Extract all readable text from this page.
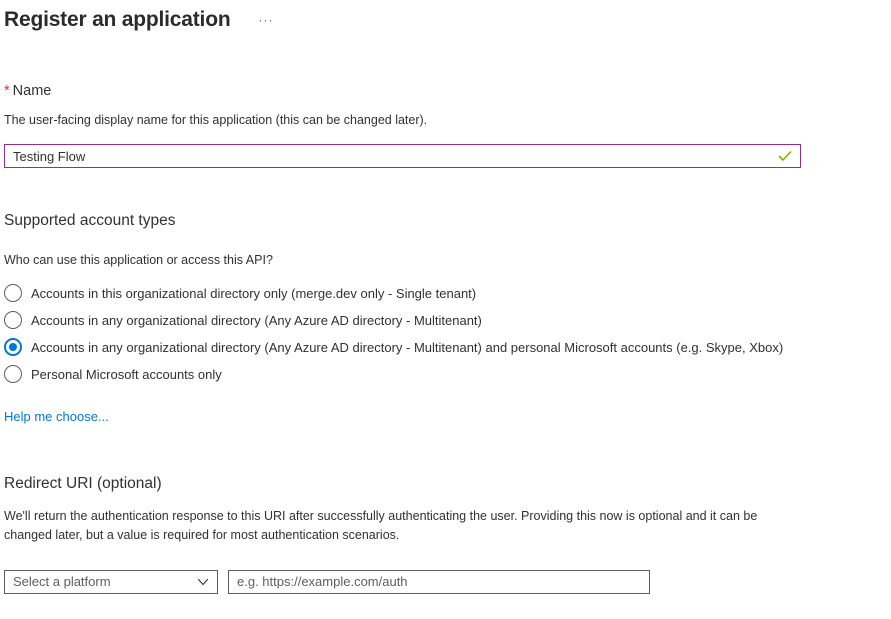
Register an application	···
* Name
The user-facing display name for this application (this can be changed later).
Testing Flow
Supported account types
Who can use this application or access this API?
Accounts in this organizational directory only (merge.dev only - Single tenant)
Accounts in any organizational directory (Any Azure AD directory - Multitenant)
Accounts in any organizational directory (Any Azure AD directory - Multitenant) and personal Microsoft accounts (e.g. Skype, Xbox)
Personal Microsoft accounts only
Help me choose...
Redirect URI (optional)
We'll return the authentication response to this URI after successfully authenticating the user. Providing this now is optional and it can be changed later, but a value is required for most authentication scenarios.
Select a platform
e.g. https://example.com/auth
